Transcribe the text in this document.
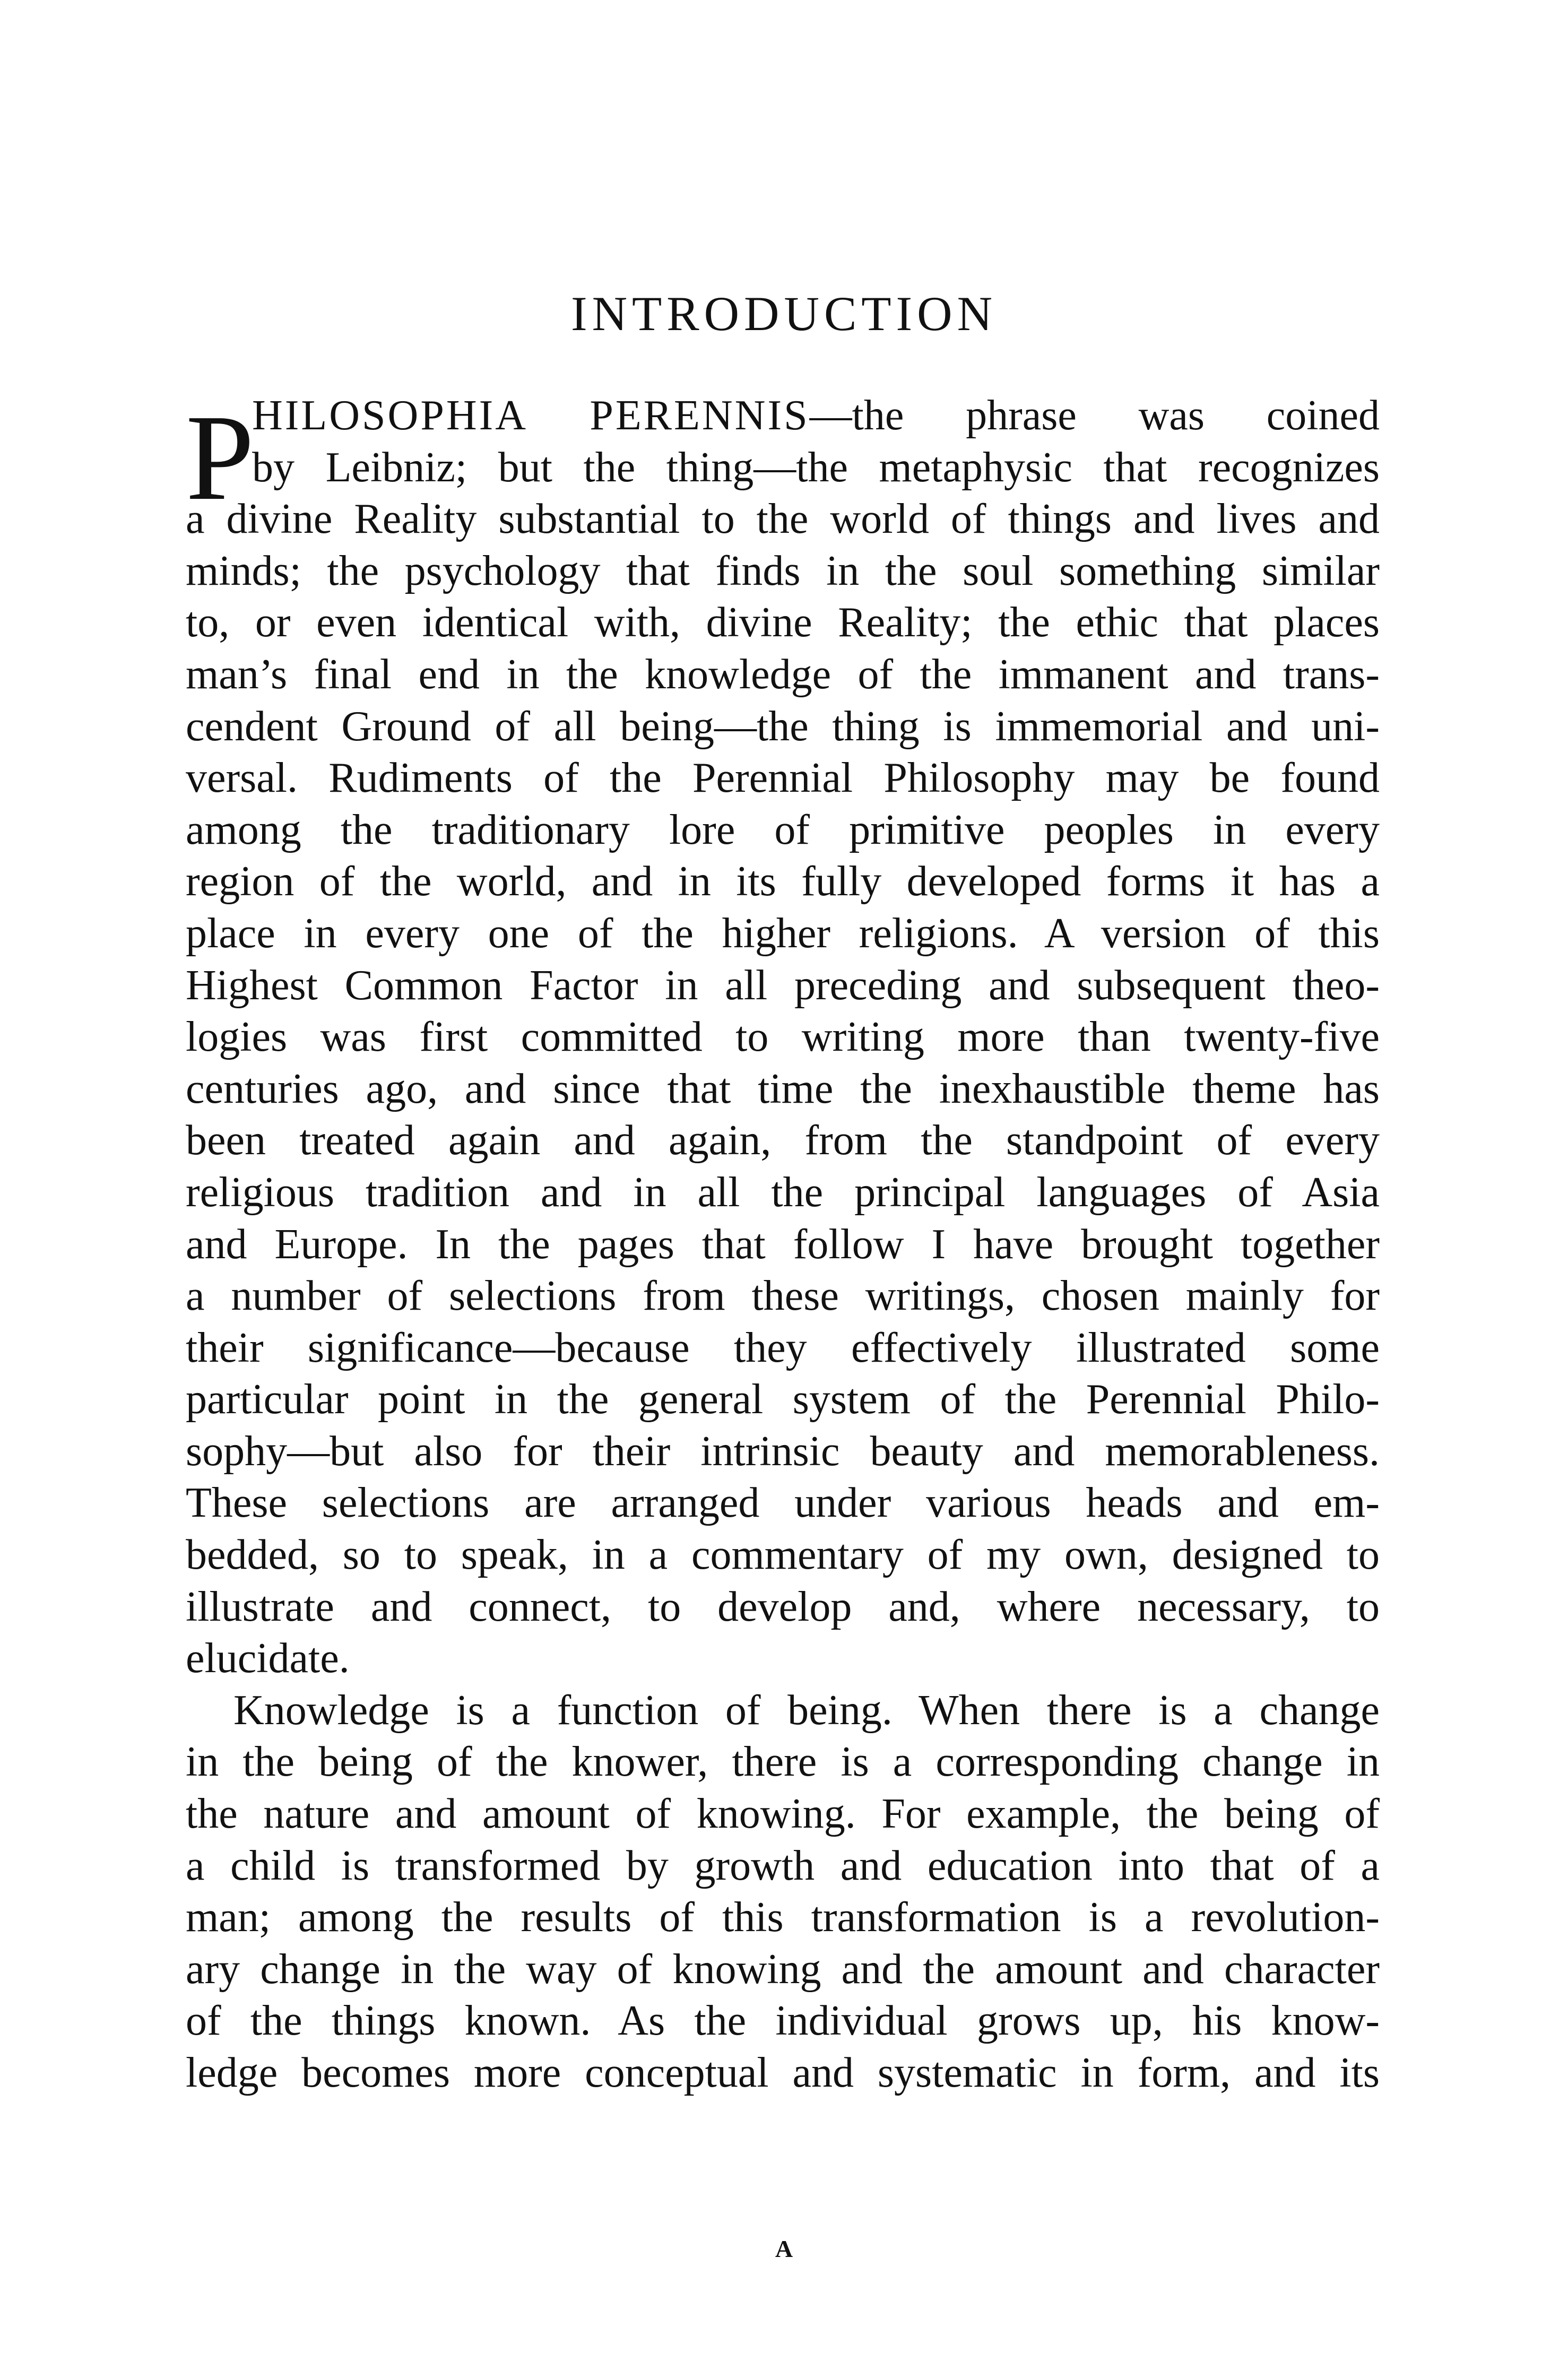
INTRODUCTION
P
HILOSOPHIA PERENNIS—the phrase was coined
by Leibniz; but the thing—the metaphysic that recognizes
a divine Reality substantial to the world of things and lives and
minds; the psychology that finds in the soul something similar
to, or even identical with, divine Reality; the ethic that places
man’s final end in the knowledge of the immanent and trans-
cendent Ground of all being—the thing is immemorial and uni-
versal. Rudiments of the Perennial Philosophy may be found
among the traditionary lore of primitive peoples in every
region of the world, and in its fully developed forms it has a
place in every one of the higher religions. A version of this
Highest Common Factor in all preceding and subsequent theo-
logies was first committed to writing more than twenty-five
centuries ago, and since that time the inexhaustible theme has
been treated again and again, from the standpoint of every
religious tradition and in all the principal languages of Asia
and Europe. In the pages that follow I have brought together
a number of selections from these writings, chosen mainly for
their significance—because they effectively illustrated some
particular point in the general system of the Perennial Philo-
sophy—but also for their intrinsic beauty and memorableness.
These selections are arranged under various heads and em-
bedded, so to speak, in a commentary of my own, designed to
illustrate and connect, to develop and, where necessary, to
elucidate.
Knowledge is a function of being. When there is a change
in the being of the knower, there is a corresponding change in
the nature and amount of knowing. For example, the being of
a child is transformed by growth and education into that of a
man; among the results of this transformation is a revolution-
ary change in the way of knowing and the amount and character
of the things known. As the individual grows up, his know-
ledge becomes more conceptual and systematic in form, and its
A
